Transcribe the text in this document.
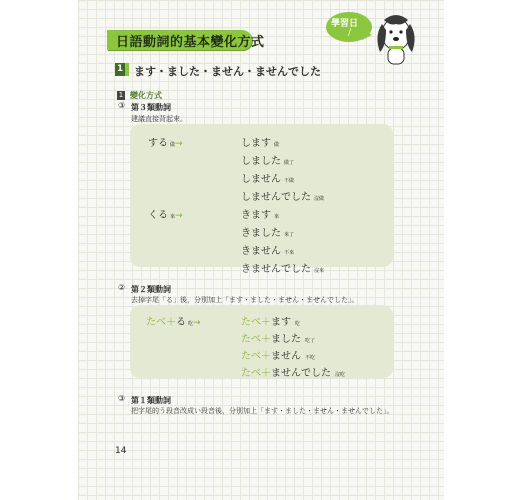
日語動詞的基本變化方式
學習日
/
1 ます・ました・ません・ませんでした
1 變化方式
③ 第３類動詞
建議直接背起來。
する 做→	します 做
しました 做了
しません 不做
しませんでした 沒做
くる 來→	きます 來
きました 來了
きません 不來
きませんでした 沒來
② 第２類動詞
去掉字尾「る」後，分別加上「ます・ました・ません・ませんでした」。
たべ＋る 吃→	たべ＋ます 吃
たべ＋ました 吃了
たべ＋ません 不吃
たべ＋ませんでした 沒吃
③ 第１類動詞
把字尾的う段音改成い段音後，分別加上「ます・ました・ません・ませんでした」。
14
